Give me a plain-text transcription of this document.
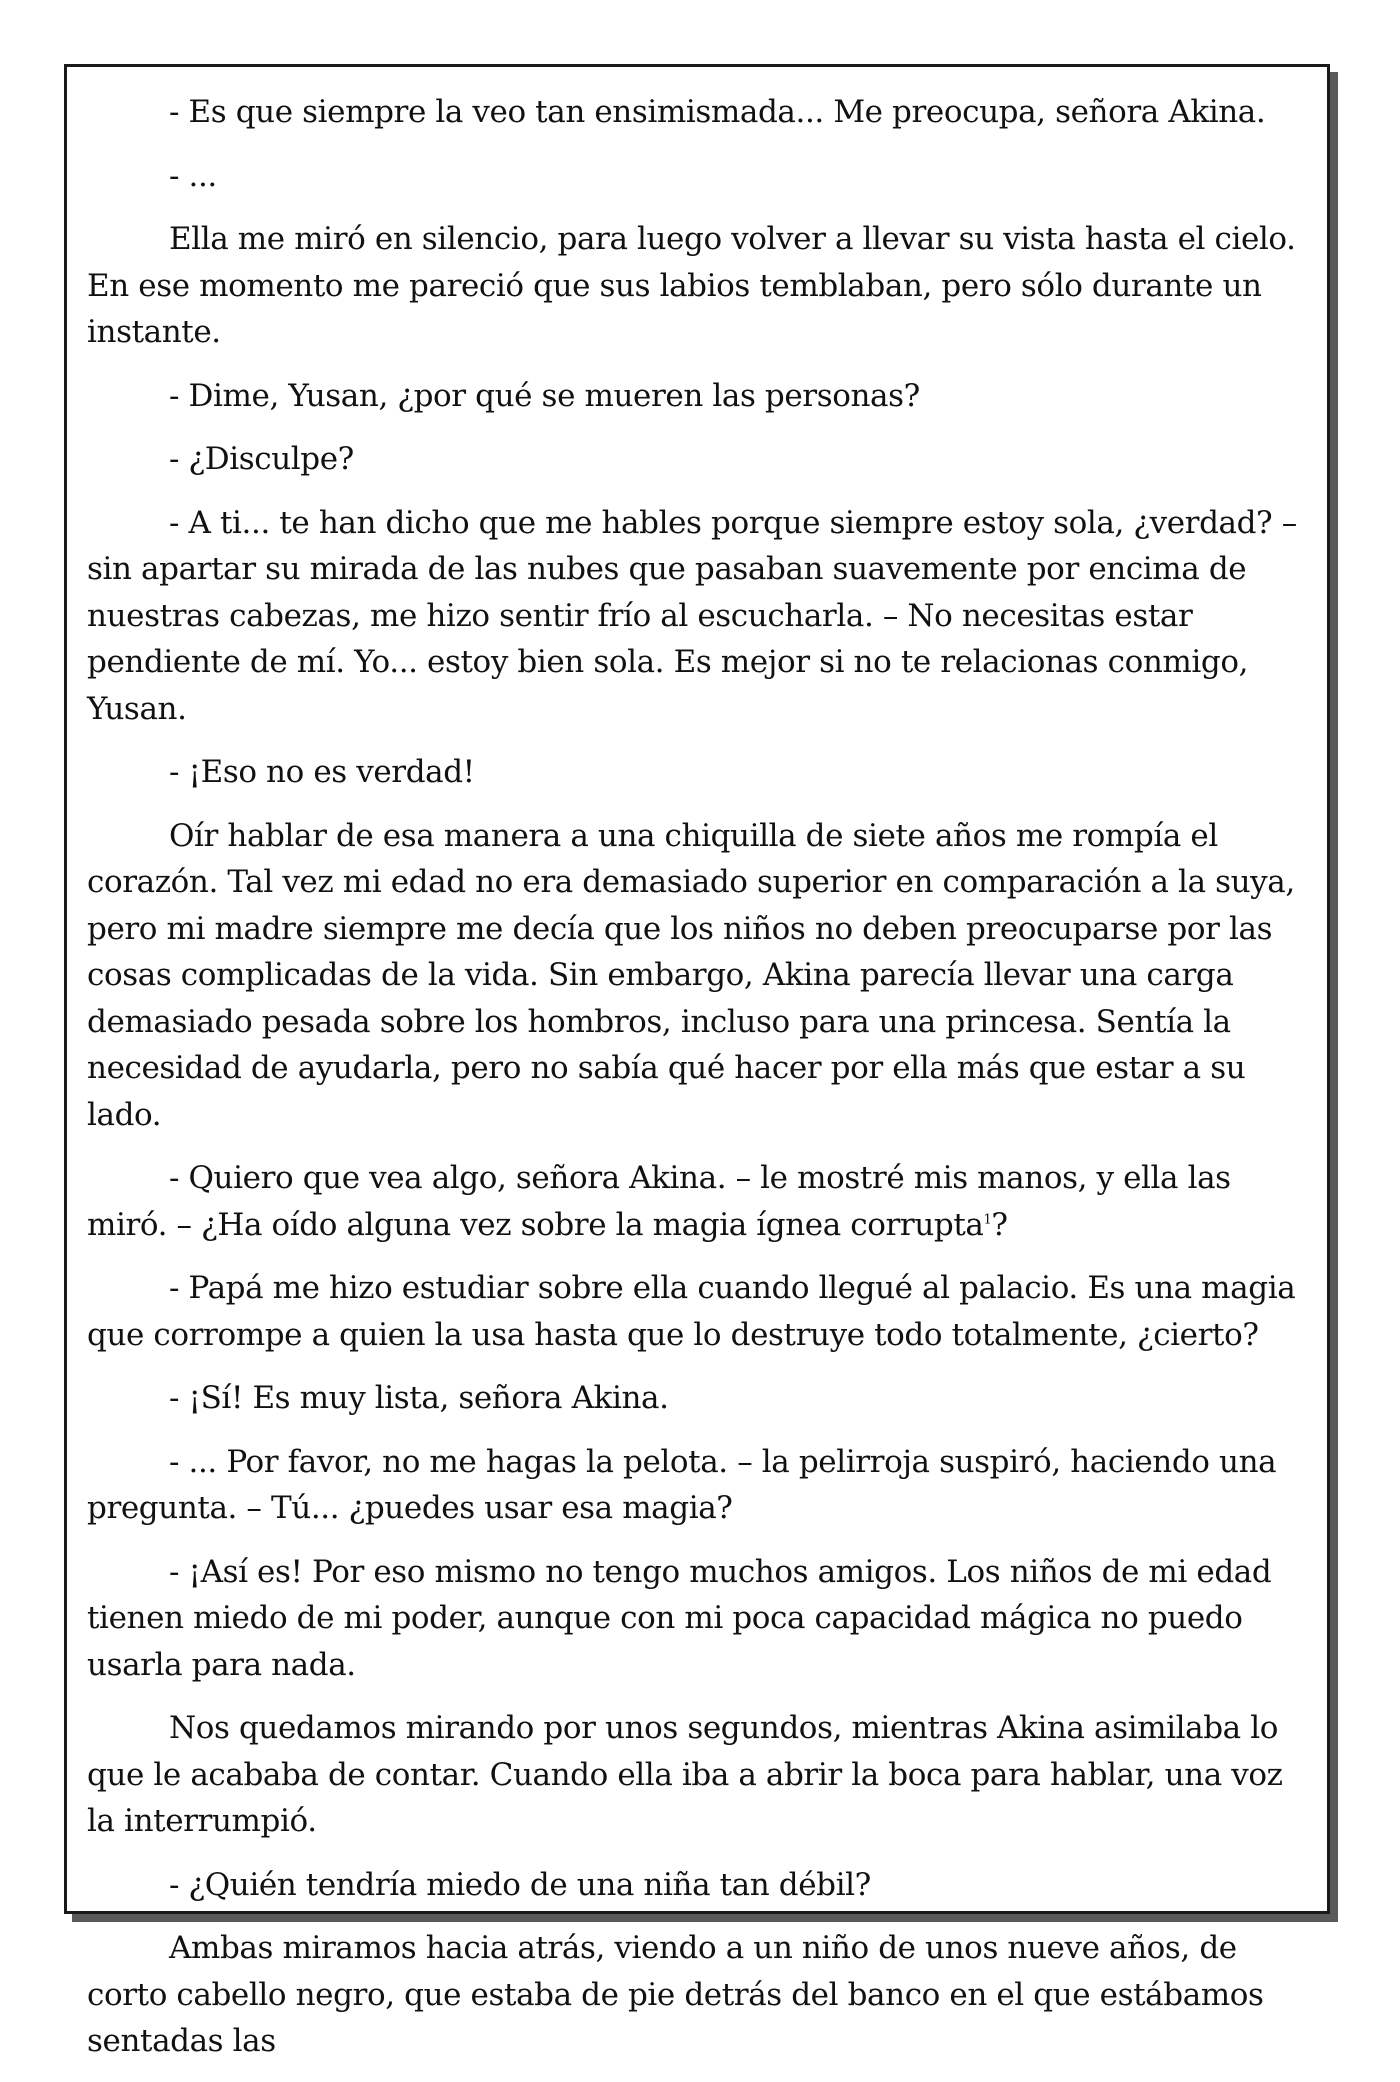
- Es que siempre la veo tan ensimismada... Me preocupa, señora Akina.

- ...

Ella me miró en silencio, para luego volver a llevar su vista hasta el cielo. En ese momento me pareció que sus labios temblaban, pero sólo durante un instante.

- Dime, Yusan, ¿por qué se mueren las personas?

- ¿Disculpe?

- A ti... te han dicho que me hables porque siempre estoy sola, ¿verdad? – sin apartar su mirada de las nubes que pasaban suavemente por encima de nuestras cabezas, me hizo sentir frío al escucharla. – No necesitas estar pendiente de mí. Yo... estoy bien sola. Es mejor si no te relacionas conmigo, Yusan.

- ¡Eso no es verdad!

Oír hablar de esa manera a una chiquilla de siete años me rompía el corazón. Tal vez mi edad no era demasiado superior en comparación a la suya, pero mi madre siempre me decía que los niños no deben preocuparse por las cosas complicadas de la vida. Sin embargo, Akina parecía llevar una carga demasiado pesada sobre los hombros, incluso para una princesa. Sentía la necesidad de ayudarla, pero no sabía qué hacer por ella más que estar a su lado.

- Quiero que vea algo, señora Akina. – le mostré mis manos, y ella las miró. – ¿Ha oído alguna vez sobre la magia ígnea corrupta$^1$?

- Papá me hizo estudiar sobre ella cuando llegué al palacio. Es una magia que corrompe a quien la usa hasta que lo destruye todo totalmente, ¿cierto?

- ¡Sí! Es muy lista, señora Akina.

- ... Por favor, no me hagas la pelota. – la pelirroja suspiró, haciendo una pregunta. – Tú... ¿puedes usar esa magia?

- ¡Así es! Por eso mismo no tengo muchos amigos. Los niños de mi edad tienen miedo de mi poder, aunque con mi poca capacidad mágica no puedo usarla para nada.

Nos quedamos mirando por unos segundos, mientras Akina asimilaba lo que le acababa de contar. Cuando ella iba a abrir la boca para hablar, una voz la interrumpió.

- ¿Quién tendría miedo de una niña tan débil?

Ambas miramos hacia atrás, viendo a un niño de unos nueve años, de corto cabello negro, que estaba de pie detrás del banco en el que estábamos sentadas las
